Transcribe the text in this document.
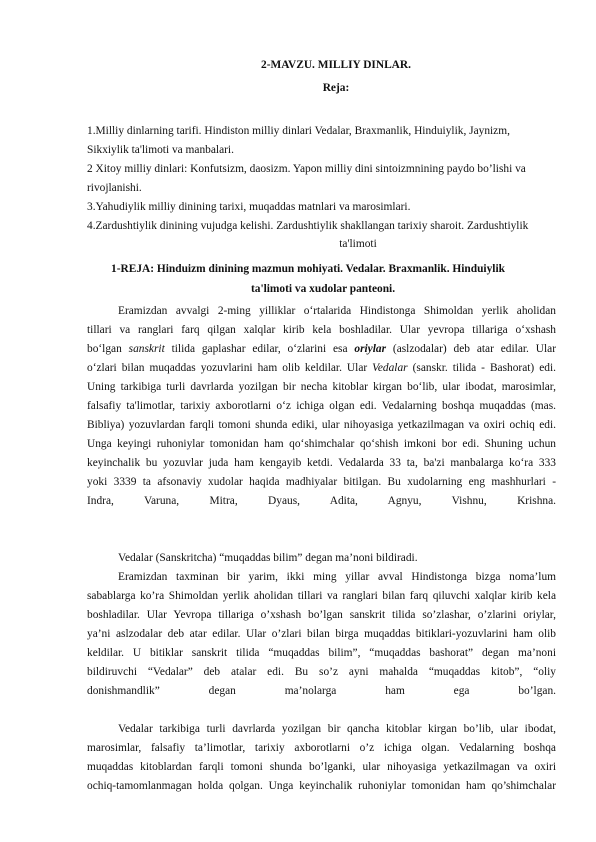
2-MAVZU. MILLIY DINLAR.
Reja:
1.Milliy dinlarning tarifi. Hindiston milliy dinlari Vedalar, Braxmanlik, Hinduiylik, Jaynizm,
Sikxiylik ta'limoti va manbalari.
2 Xitoy milliy dinlari: Konfutsizm, daosizm. Yapon milliy dini sintoizmnining paydo bo’lishi va
rivojlanishi.
3.Yahudiylik milliy dinining tarixi, muqaddas matnlari va marosimlari.
4.Zardushtiylik dinining vujudga kelishi. Zardushtiylik shakllangan tarixiy sharoit. Zardushtiylik
ta'limoti
1-REJA: Hinduizm dinining mazmun mohiyati. Vedalar. Braxmanlik. Hinduiylik
ta'limoti va xudolar panteoni.
Eramizdan avvalgi 2-ming yilliklar o‘rtalarida Hindistonga Shimoldan yerlik aholidan
tillari va ranglari farq qilgan xalqlar kirib kela boshladilar. Ular yevropa tillariga o‘xshash
bo‘lgan sanskrit tilida gaplashar edilar, o‘zlarini esa oriylar (aslzodalar) deb atar edilar. Ular
o‘zlari bilan muqaddas yozuvlarini ham olib keldilar. Ular Vedalar (sanskr. tilida - Bashorat) edi.
Uning tarkibiga turli davrlarda yozilgan bir necha kitoblar kirgan bo‘lib, ular ibodat, marosimlar,
falsafiy ta'limotlar, tarixiy axborotlarni o‘z ichiga olgan edi. Vedalarning boshqa muqaddas (mas.
Bibliya) yozuvlardan farqli tomoni shunda ediki, ular nihoyasiga yetkazilmagan va oxiri ochiq edi.
Unga keyingi ruhoniylar tomonidan ham qo‘shimchalar qo‘shish imkoni bor edi. Shuning uchun
keyinchalik bu yozuvlar juda ham kengayib ketdi. Vedalarda 33 ta, ba'zi manbalarga ko‘ra 333
yoki 3339 ta afsonaviy xudolar haqida madhiyalar bitilgan. Bu xudolarning eng mashhurlari -
Indra, Varuna, Mitra, Dyaus, Adita, Agnyu, Vishnu, Krishna.
Vedalar (Sanskritcha) “muqaddas bilim” degan ma’noni bildiradi.
Eramizdan taxminan bir yarim, ikki ming yillar avval Hindistonga bizga noma’lum
sabablarga ko’ra Shimoldan yerlik aholidan tillari va ranglari bilan farq qiluvchi xalqlar kirib kela
boshladilar. Ular Yevropa tillariga o’xshash bo’lgan sanskrit tilida so’zlashar, o’zlarini oriylar,
ya’ni aslzodalar deb atar edilar. Ular o’zlari bilan birga muqaddas bitiklari-yozuvlarini ham olib
keldilar. U bitiklar sanskrit tilida “muqaddas bilim”, “muqaddas bashorat” degan ma’noni
bildiruvchi “Vedalar” deb atalar edi. Bu so’z ayni mahalda “muqaddas kitob”, “oliy
donishmandlik” degan ma’nolarga ham ega bo’lgan.
Vedalar tarkibiga turli davrlarda yozilgan bir qancha kitoblar kirgan bo’lib, ular ibodat,
marosimlar, falsafiy ta’limotlar, tarixiy axborotlarni o’z ichiga olgan. Vedalarning boshqa
muqaddas kitoblardan farqli tomoni shunda bo’lganki, ular nihoyasiga yetkazilmagan va oxiri
ochiq-tamomlanmagan holda qolgan. Unga keyinchalik ruhoniylar tomonidan ham qo’shimchalar
